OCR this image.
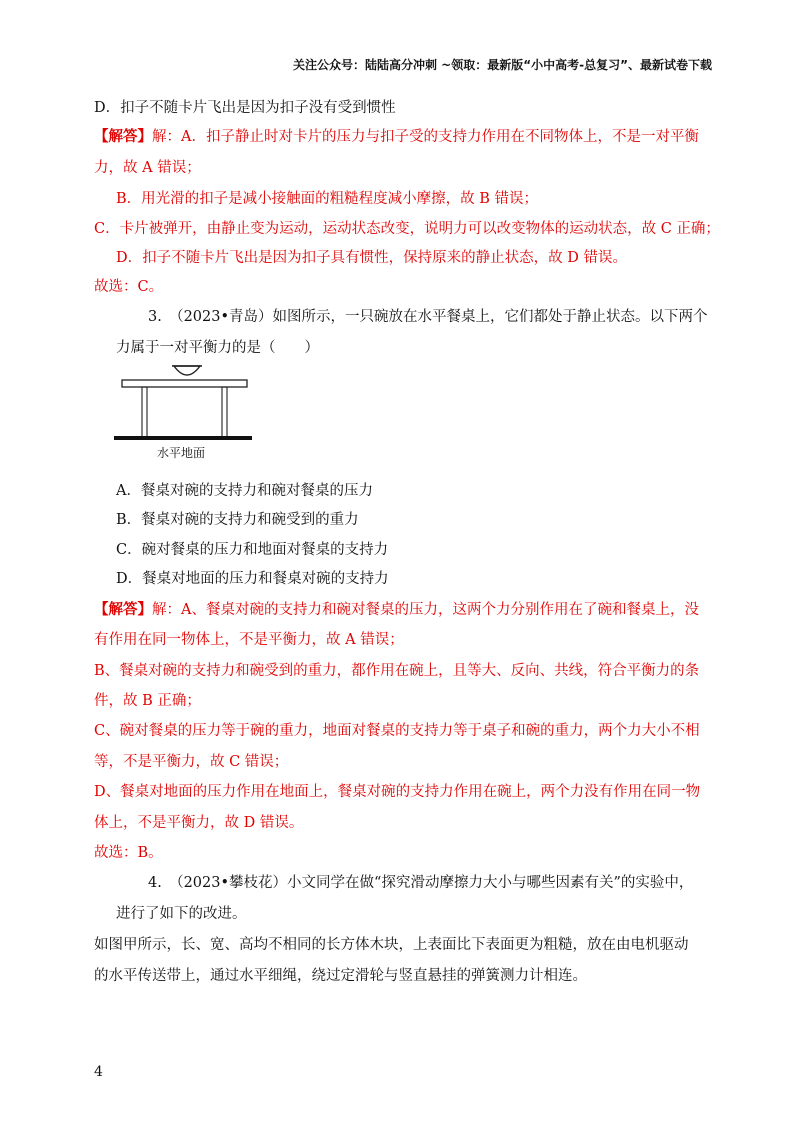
关注公众号：陆陆高分冲刺 ~领取：最新版“小中高考-总复习”、最新试卷下载
D．扣子不随卡片飞出是因为扣子没有受到惯性
【解答】解：A．扣子静止时对卡片的压力与扣子受的支持力作用在不同物体上，不是一对平衡
力，故 A 错误；
B．用光滑的扣子是减小接触面的粗糙程度减小摩擦，故 B 错误；
C．卡片被弹开，由静止变为运动，运动状态改变，说明力可以改变物体的运动状态，故 C 正确；
D．扣子不随卡片飞出是因为扣子具有惯性，保持原来的静止状态，故 D 错误。
故选：C。
3.　（2023•青岛）如图所示，一只碗放在水平餐桌上，它们都处于静止状态。以下两个
力属于一对平衡力的是（　　）
水平地面
A．餐桌对碗的支持力和碗对餐桌的压力
B．餐桌对碗的支持力和碗受到的重力
C．碗对餐桌的压力和地面对餐桌的支持力
D．餐桌对地面的压力和餐桌对碗的支持力
【解答】解：A、餐桌对碗的支持力和碗对餐桌的压力，这两个力分别作用在了碗和餐桌上，没
有作用在同一物体上，不是平衡力，故 A 错误；
B、餐桌对碗的支持力和碗受到的重力，都作用在碗上，且等大、反向、共线，符合平衡力的条
件，故 B 正确；
C、碗对餐桌的压力等于碗的重力，地面对餐桌的支持力等于桌子和碗的重力，两个力大小不相
等，不是平衡力，故 C 错误；
D、餐桌对地面的压力作用在地面上，餐桌对碗的支持力作用在碗上，两个力没有作用在同一物
体上，不是平衡力，故 D 错误。
故选：B。
4.　（2023•攀枝花）小文同学在做“探究滑动摩擦力大小与哪些因素有关”的实验中，
进行了如下的改进。
如图甲所示，长、宽、高均不相同的长方体木块，上表面比下表面更为粗糙，放在由电机驱动
的水平传送带上，通过水平细绳，绕过定滑轮与竖直悬挂的弹簧测力计相连。
4
